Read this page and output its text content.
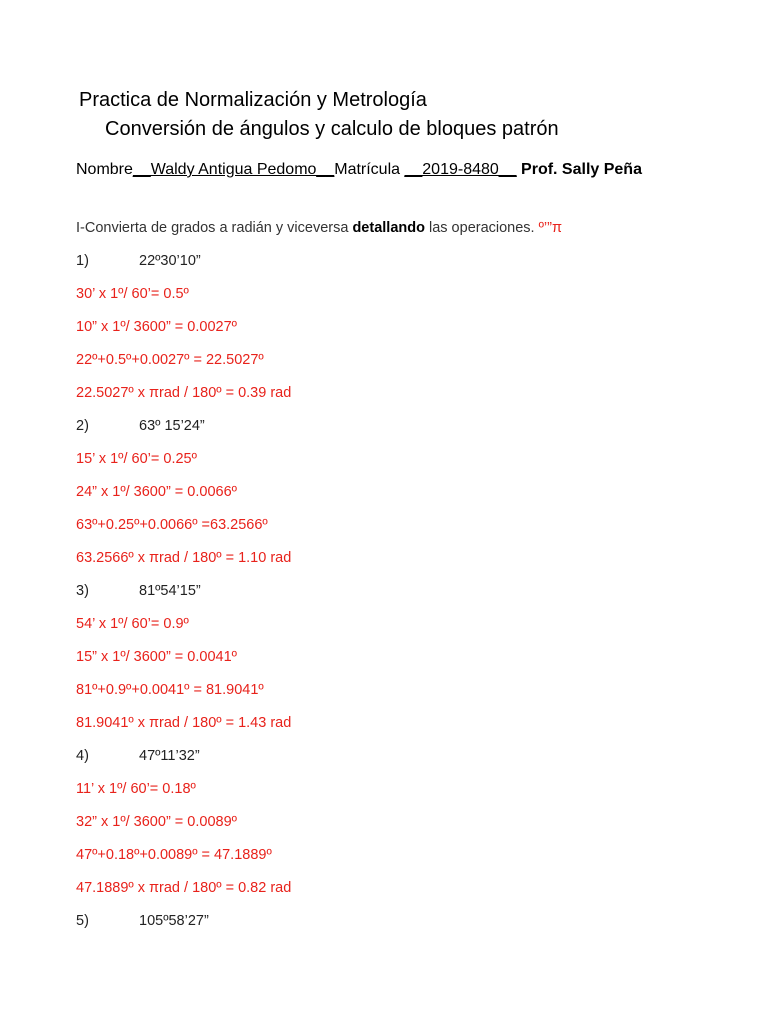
Practica de Normalización y Metrología
Conversión de ángulos y calculo de bloques patrón
Nombre__Waldy Antigua Pedomo__Matrícula __2019-8480__ Prof. Sally Peña
I-Convierta de grados a radián y viceversa detallando las operaciones. º’”π
1)	22º30’10”
30’ x 1º/ 60’= 0.5º
10” x 1º/ 3600” = 0.0027º
22º+0.5º+0.0027º = 22.5027º
22.5027º x πrad / 180º = 0.39 rad
2)	63º 15’24”
15’ x 1º/ 60’= 0.25º
24” x 1º/ 3600” = 0.0066º
63º+0.25º+0.0066º =63.2566º
63.2566º x πrad / 180º = 1.10 rad
3)	81º54’15”
54’ x 1º/ 60’= 0.9º
15” x 1º/ 3600” = 0.0041º
81º+0.9º+0.0041º = 81.9041º
81.9041º x πrad / 180º = 1.43 rad
4)	47º11’32”
11’ x 1º/ 60’= 0.18º
32” x 1º/ 3600” = 0.0089º
47º+0.18º+0.0089º = 47.1889º
47.1889º x πrad / 180º = 0.82 rad
5)	105º58’27”
